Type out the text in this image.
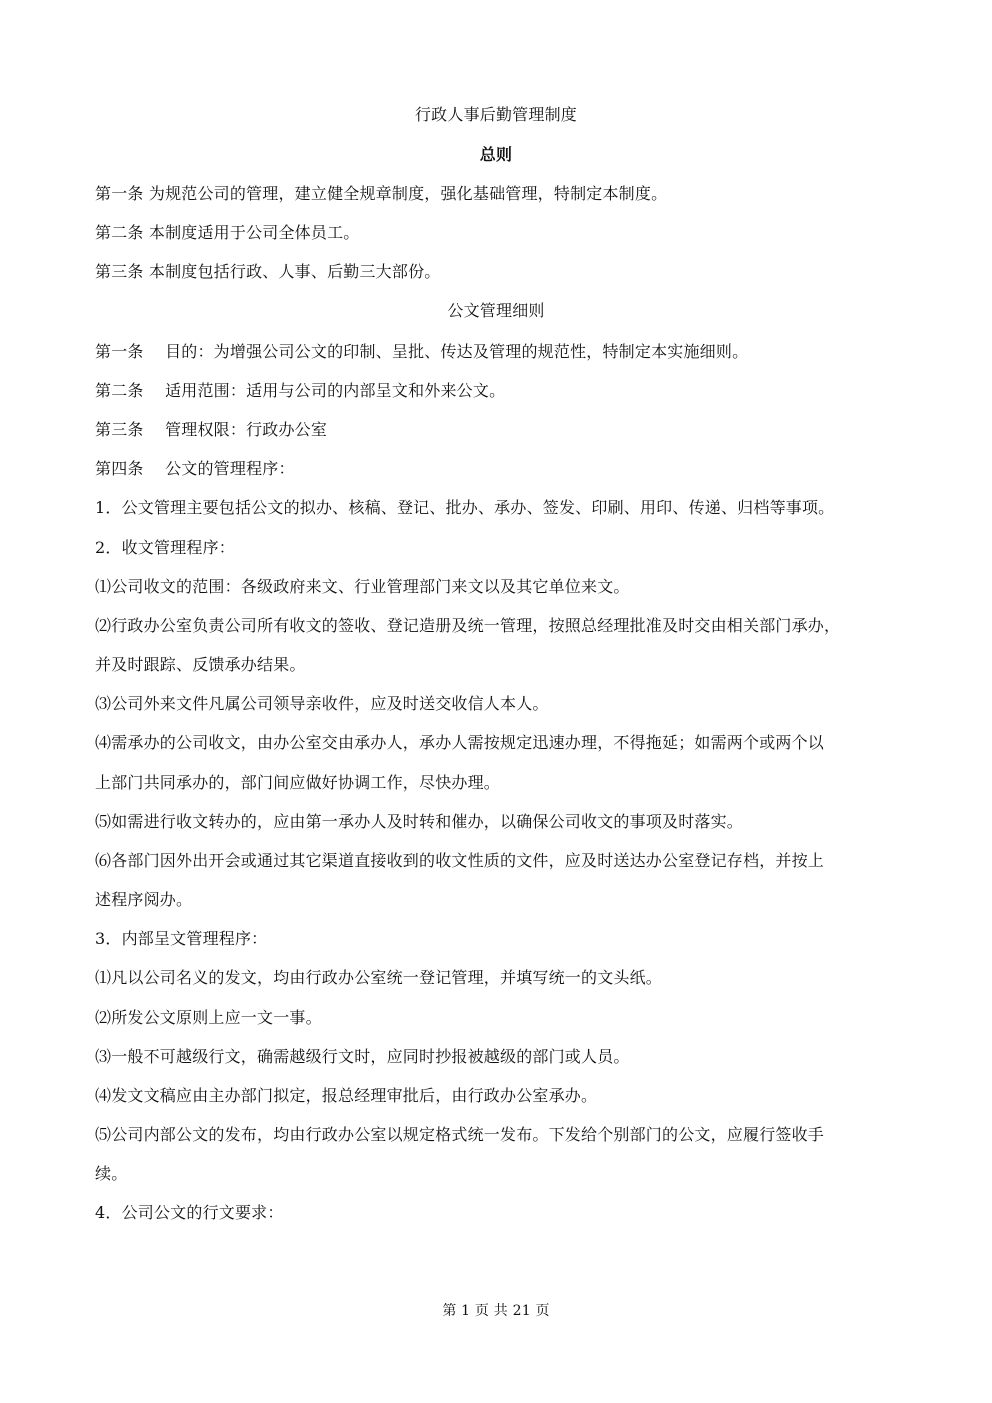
行政人事后勤管理制度
总则
第一条 为规范公司的管理，建立健全规章制度，强化基础管理，特制定本制度。
第二条 本制度适用于公司全体员工。
第三条 本制度包括行政、人事、后勤三大部份。
公文管理细则
第一条　 目的：为增强公司公文的印制、呈批、传达及管理的规范性，特制定本实施细则。
第二条　 适用范围：适用与公司的内部呈文和外来公文。
第三条　 管理权限：行政办公室
第四条　 公文的管理程序：
1．公文管理主要包括公文的拟办、核稿、登记、批办、承办、签发、印刷、用印、传递、归档等事项。
2．收文管理程序：
⑴公司收文的范围：各级政府来文、行业管理部门来文以及其它单位来文。
⑵行政办公室负责公司所有收文的签收、登记造册及统一管理，按照总经理批准及时交由相关部门承办，
并及时跟踪、反馈承办结果。
⑶公司外来文件凡属公司领导亲收件，应及时送交收信人本人。
⑷需承办的公司收文，由办公室交由承办人，承办人需按规定迅速办理，不得拖延；如需两个或两个以
上部门共同承办的，部门间应做好协调工作，尽快办理。
⑸如需进行收文转办的，应由第一承办人及时转和催办，以确保公司收文的事项及时落实。
⑹各部门因外出开会或通过其它渠道直接收到的收文性质的文件，应及时送达办公室登记存档，并按上
述程序阅办。
3．内部呈文管理程序：
⑴凡以公司名义的发文，均由行政办公室统一登记管理，并填写统一的文头纸。
⑵所发公文原则上应一文一事。
⑶一般不可越级行文，确需越级行文时，应同时抄报被越级的部门或人员。
⑷发文文稿应由主办部门拟定，报总经理审批后，由行政办公室承办。
⑸公司内部公文的发布，均由行政办公室以规定格式统一发布。下发给个别部门的公文，应履行签收手
续。
4．公司公文的行文要求：
第 1 页 共 21 页
